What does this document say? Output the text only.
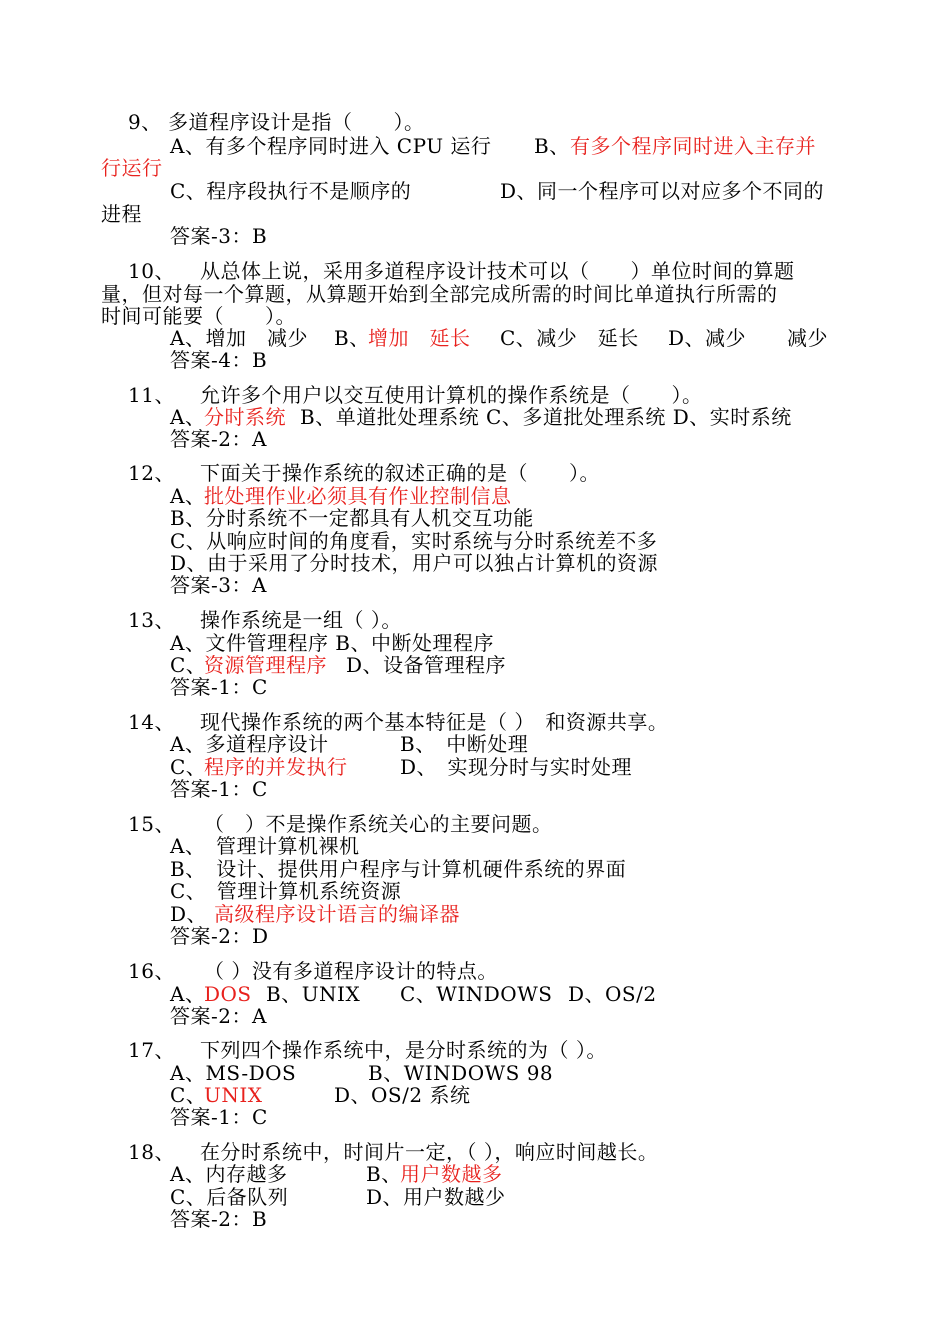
9、 多道程序设计是指（　　）。
A、有多个程序同时进入 CPU 运行 B、 有多个程序同时进入主存并
行运行
C、程序段执行不是顺序的	D、同一个程序可以对应多个不同的
进程
答案-3：B
10、 从总体上说，采用多道程序设计技术可以（　　）单位时间的算题
量，但对每一个算题，从算题开始到全部完成所需的时间比单道执行所需的
时间可能要（　　）。
A、增加　减少 B、
增加　延长 C、减少　延长 D、减少　　减少
答案-4：B
11、 允许多个用户以交互使用计算机的操作系统是（　　）。
A、
分时系统 B、单道批处理系统 C、多道批处理系统 D、实时系统
答案-2：A
12、 下面关于操作系统的叙述正确的是（　　）。
A、
批处理作业必须具有作业控制信息
B、分时系统不一定都具有人机交互功能
C、从响应时间的角度看，实时系统与分时系统差不多
D、由于采用了分时技术，用户可以独占计算机的资源
答案-3：A
13、 操作系统是一组（ ）。
A、文件管理程序 B、中断处理程序
C、
资源管理程序 D、设备管理程序
答案-1：C
14、 现代操作系统的两个基本特征是（ ）　和资源共享。
A、多道程序设计	B、　中断处理
C、
程序的并发执行	D、　实现分时与实时处理
答案-1：C
15、 （　）不是操作系统关心的主要问题。
A、　管理计算机裸机
B、　设计、提供用户程序与计算机硬件系统的界面
C、　管理计算机系统资源
D、　
高级程序设计语言的编译器
答案-2：D
16、 （ ）没有多道程序设计的特点。
A、
DOS B、UNIX C、WINDOWS D、OS/2
答案-2：A
17、 下列四个操作系统中，是分时系统的为（ ）。
A、MS-DOS	B、WINDOWS 98
C、
UNIX	D、OS/2 系统
答案-1：C
18、 在分时系统中，时间片一定，（ ），响应时间越长。
A、内存越多	B、
用户数越多
C、后备队列	D、用户数越少
答案-2：B
